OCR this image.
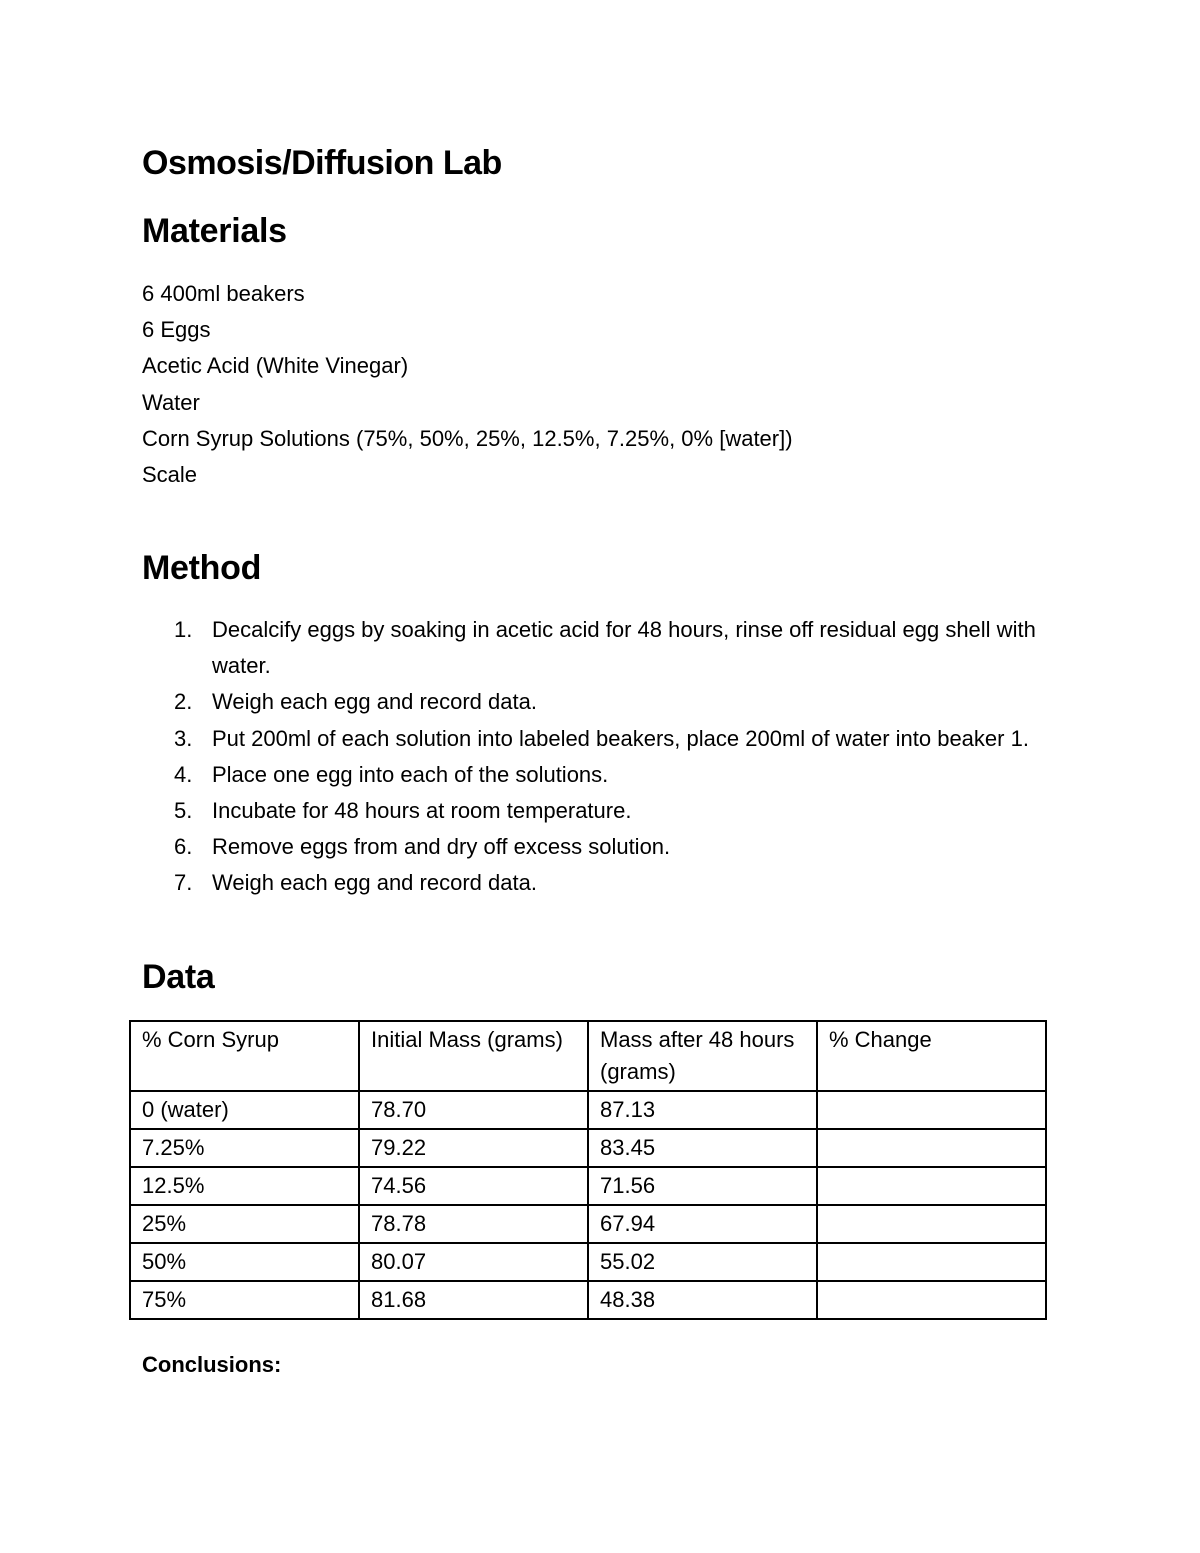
Osmosis/Diffusion Lab
Materials
6 400ml beakers
6 Eggs
Acetic Acid (White Vinegar)
Water
Corn Syrup Solutions (75%, 50%, 25%, 12.5%, 7.25%, 0% [water])
Scale
Method
1. Decalcify eggs by soaking in acetic acid for 48 hours, rinse off residual egg shell with water.
2. Weigh each egg and record data.
3. Put 200ml of each solution into labeled beakers, place 200ml of water into beaker 1.
4. Place one egg into each of the solutions.
5. Incubate for 48 hours at room temperature.
6. Remove eggs from and dry off excess solution.
7. Weigh each egg and record data.
Data
% Corn Syrup	Initial Mass (grams)	Mass after 48 hours (grams)	% Change
0 (water)	78.70	87.13	
7.25%	79.22	83.45	
12.5%	74.56	71.56	
25%	78.78	67.94	
50%	80.07	55.02	
75%	81.68	48.38	
Conclusions:
